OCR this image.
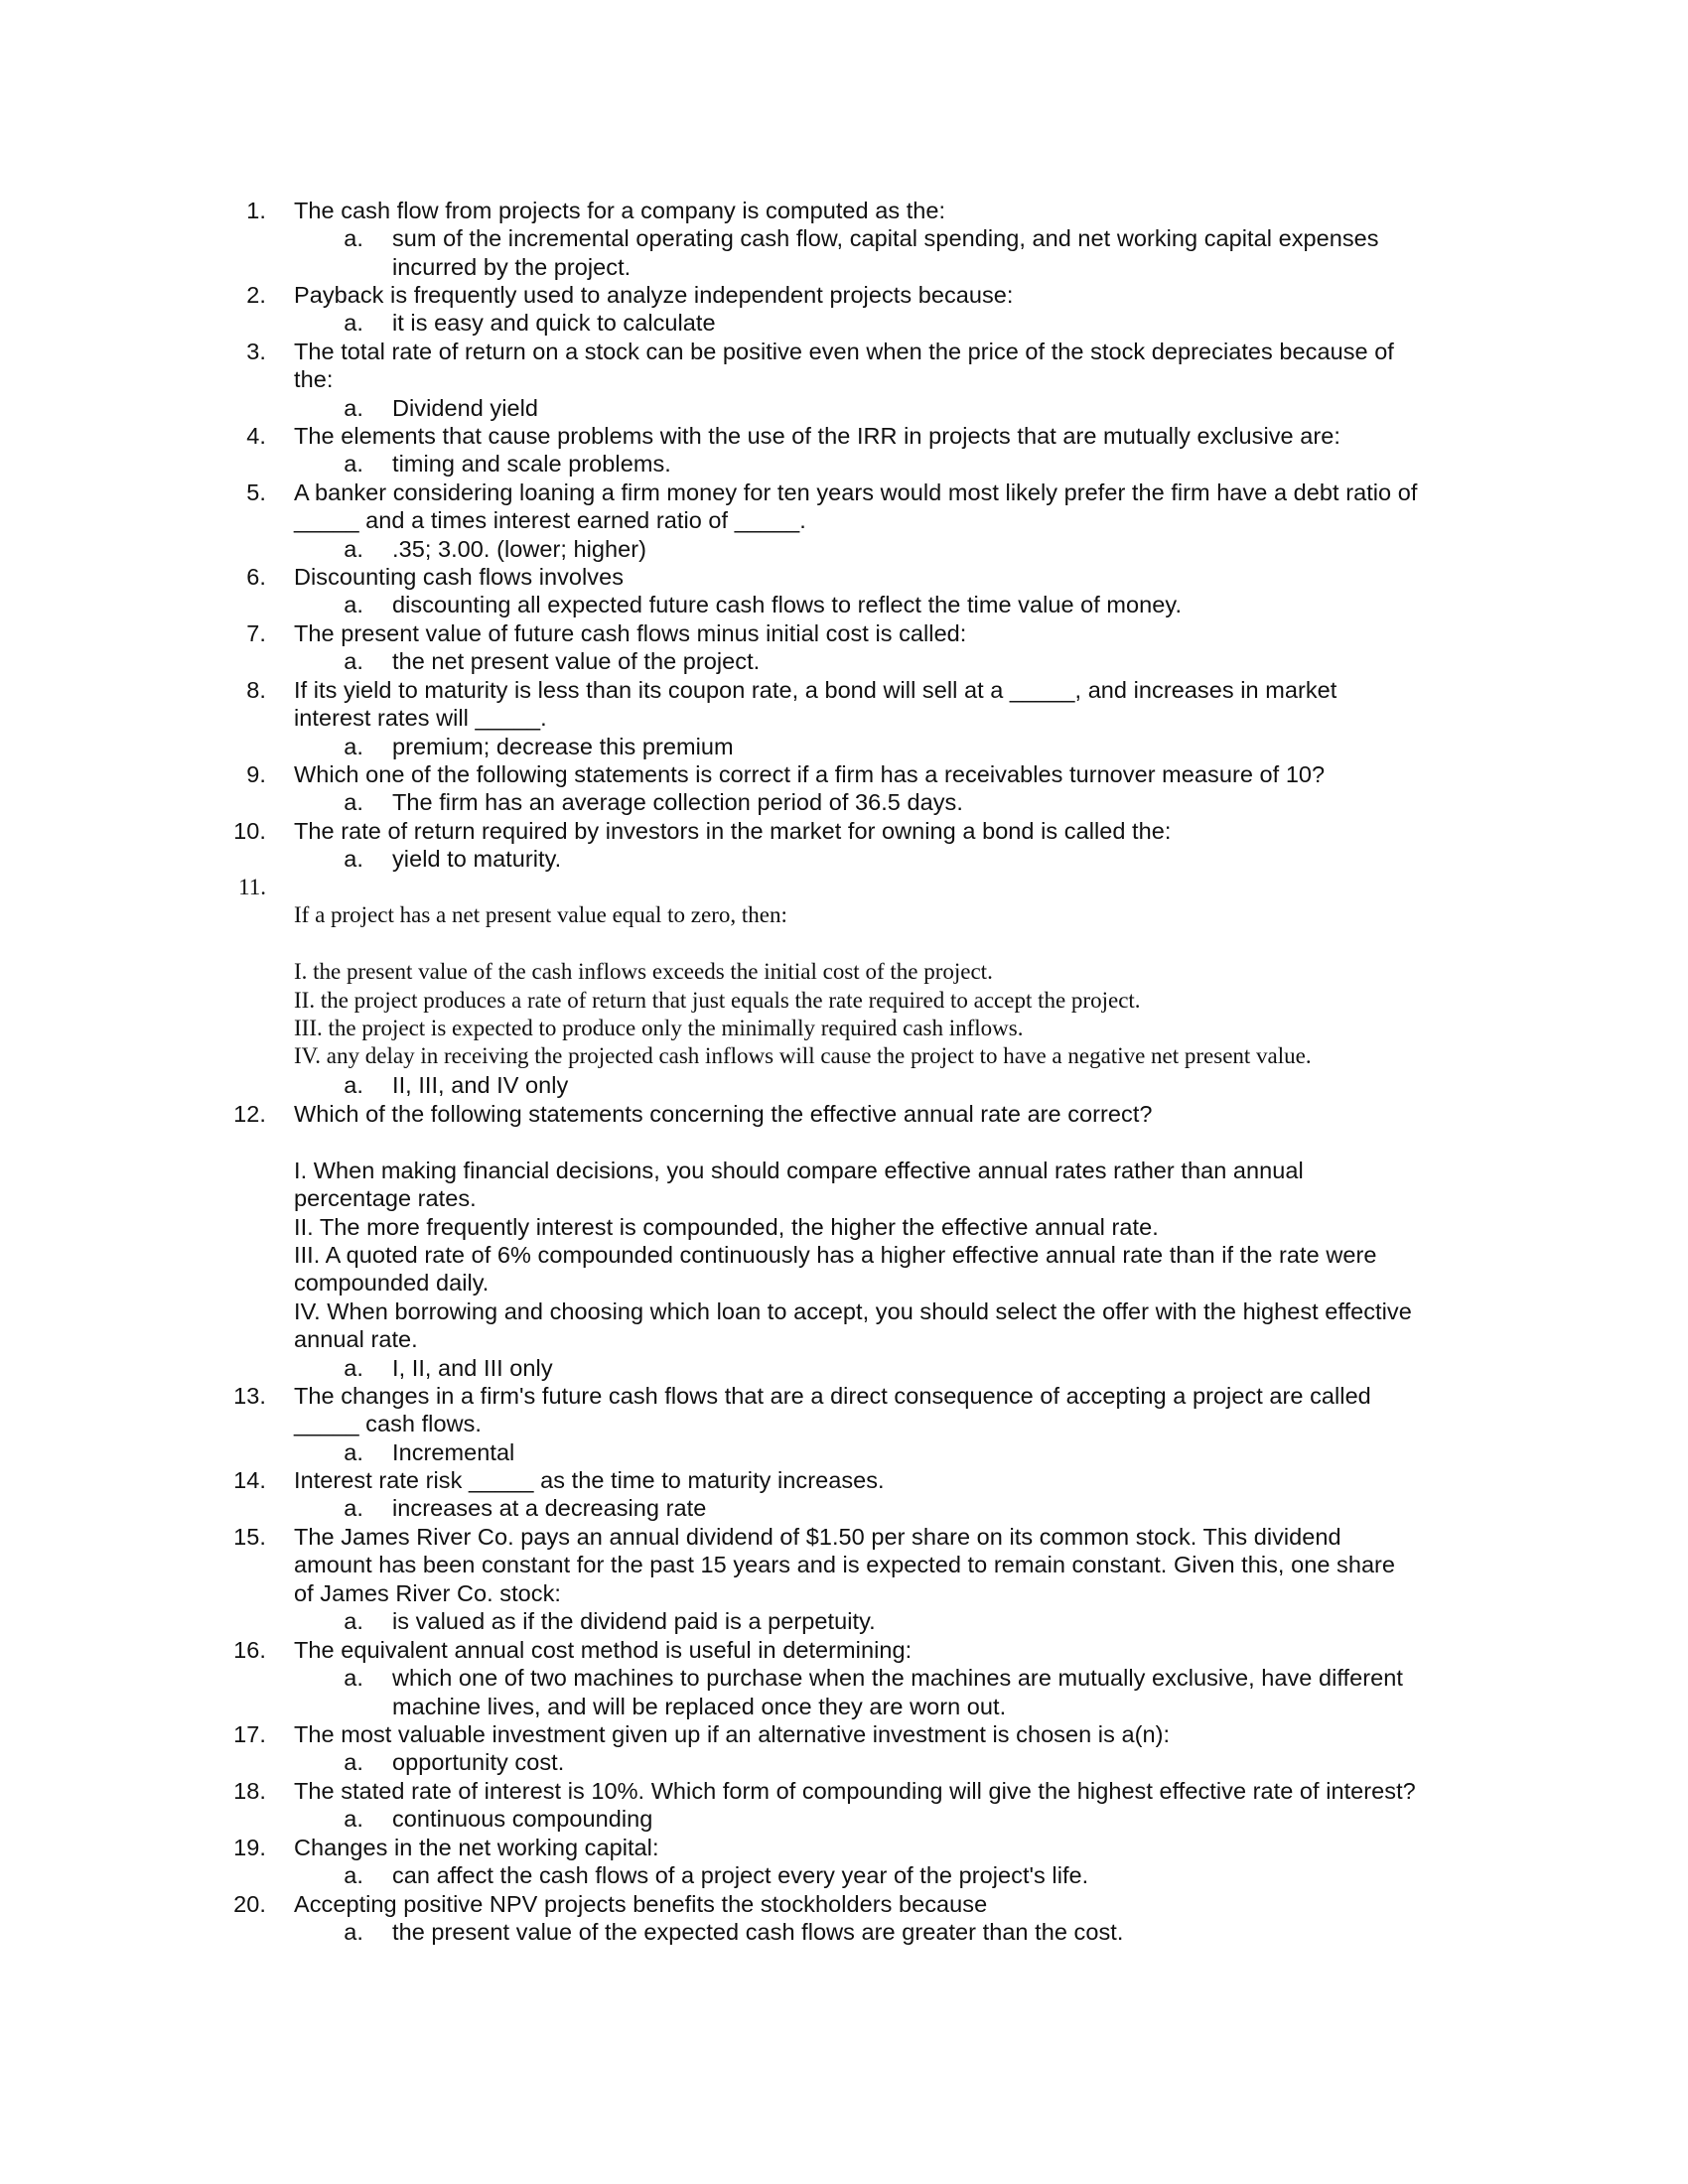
1. The cash flow from projects for a company is computed as the:
a. sum of the incremental operating cash flow, capital spending, and net working capital expenses
incurred by the project.
2. Payback is frequently used to analyze independent projects because:
a. it is easy and quick to calculate
3. The total rate of return on a stock can be positive even when the price of the stock depreciates because of
the:
a. Dividend yield
4. The elements that cause problems with the use of the IRR in projects that are mutually exclusive are:
a. timing and scale problems.
5. A banker considering loaning a firm money for ten years would most likely prefer the firm have a debt ratio of
_____ and a times interest earned ratio of _____.
a. .35; 3.00. (lower; higher)
6. Discounting cash flows involves
a. discounting all expected future cash flows to reflect the time value of money.
7. The present value of future cash flows minus initial cost is called:
a. the net present value of the project.
8. If its yield to maturity is less than its coupon rate, a bond will sell at a _____, and increases in market
interest rates will _____.
a. premium; decrease this premium
9. Which one of the following statements is correct if a firm has a receivables turnover measure of 10?
a. The firm has an average collection period of 36.5 days.
10. The rate of return required by investors in the market for owning a bond is called the:
a. yield to maturity.
11.
If a project has a net present value equal to zero, then:
I. the present value of the cash inflows exceeds the initial cost of the project.
II. the project produces a rate of return that just equals the rate required to accept the project.
III. the project is expected to produce only the minimally required cash inflows.
IV. any delay in receiving the projected cash inflows will cause the project to have a negative net present value.
a. II, III, and IV only
12. Which of the following statements concerning the effective annual rate are correct?
I. When making financial decisions, you should compare effective annual rates rather than annual
percentage rates.
II. The more frequently interest is compounded, the higher the effective annual rate.
III. A quoted rate of 6% compounded continuously has a higher effective annual rate than if the rate were
compounded daily.
IV. When borrowing and choosing which loan to accept, you should select the offer with the highest effective
annual rate.
a. I, II, and III only
13. The changes in a firm's future cash flows that are a direct consequence of accepting a project are called
_____ cash flows.
a. Incremental
14. Interest rate risk _____ as the time to maturity increases.
a. increases at a decreasing rate
15. The James River Co. pays an annual dividend of $1.50 per share on its common stock. This dividend
amount has been constant for the past 15 years and is expected to remain constant. Given this, one share
of James River Co. stock:
a. is valued as if the dividend paid is a perpetuity.
16. The equivalent annual cost method is useful in determining:
a. which one of two machines to purchase when the machines are mutually exclusive, have different
machine lives, and will be replaced once they are worn out.
17. The most valuable investment given up if an alternative investment is chosen is a(n):
a. opportunity cost.
18. The stated rate of interest is 10%. Which form of compounding will give the highest effective rate of interest?
a. continuous compounding
19. Changes in the net working capital:
a. can affect the cash flows of a project every year of the project's life.
20. Accepting positive NPV projects benefits the stockholders because
a. the present value of the expected cash flows are greater than the cost.
